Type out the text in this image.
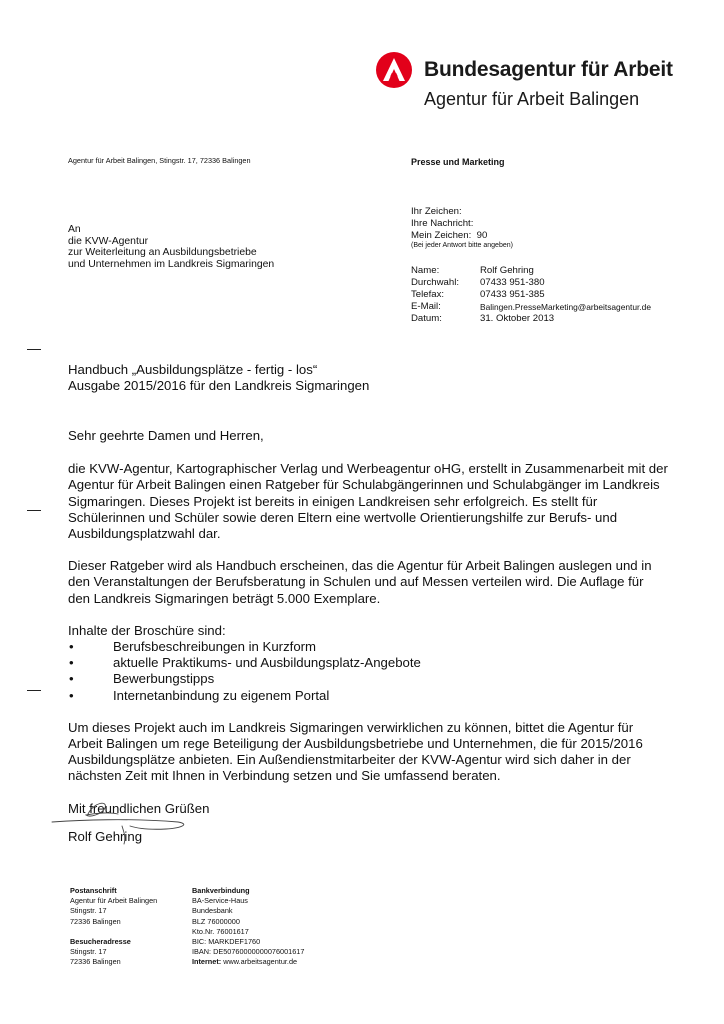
Bundesagentur für Arbeit
Agentur für Arbeit Balingen
Agentur für Arbeit Balingen, Stingstr. 17, 72336 Balingen	Presse und Marketing
Ihr Zeichen:
Ihre Nachricht:
Mein Zeichen: 90
(Bei jeder Antwort bitte angeben)
Name:	Rolf Gehring
Durchwahl:	07433 951-380
Telefax:	07433 951-385
E-Mail:	Balingen.PresseMarketing@arbeitsagentur.de
Datum:	31. Oktober 2013
An
die KVW-Agentur
zur Weiterleitung an Ausbildungsbetriebe
und Unternehmen im Landkreis Sigmaringen
Handbuch „Ausbildungsplätze - fertig - los“
Ausgabe 2015/2016 für den Landkreis Sigmaringen

Sehr geehrte Damen und Herren,

die KVW-Agentur, Kartographischer Verlag und Werbeagentur oHG, erstellt in Zusammenarbeit mit der Agentur für Arbeit Balingen einen Ratgeber für Schulabgängerinnen und Schulabgänger im Landkreis Sigmaringen. Dieses Projekt ist bereits in einigen Landkreisen sehr erfolgreich. Es stellt für Schülerinnen und Schüler sowie deren Eltern eine wertvolle Orientierungshilfe zur Berufs- und Ausbildungsplatzwahl dar.

Dieser Ratgeber wird als Handbuch erscheinen, das die Agentur für Arbeit Balingen auslegen und in den Veranstaltungen der Berufsberatung in Schulen und auf Messen verteilen wird. Die Auflage für den Landkreis Sigmaringen beträgt 5.000 Exemplare.

Inhalte der Broschüre sind:
•	Berufsbeschreibungen in Kurzform
•	aktuelle Praktikums- und Ausbildungsplatz-Angebote
•	Bewerbungstipps
•	Internetanbindung zu eigenem Portal

Um dieses Projekt auch im Landkreis Sigmaringen verwirklichen zu können, bittet die Agentur für Arbeit Balingen um rege Beteiligung der Ausbildungsbetriebe und Unternehmen, die für 2015/2016 Ausbildungsplätze anbieten. Ein Außendienstmitarbeiter der KVW-Agentur wird sich daher in der nächsten Zeit mit Ihnen in Verbindung setzen und Sie umfassend beraten.

Mit freundlichen Grüßen
Rolf Gehring
Postanschrift
Agentur für Arbeit Balingen
Stingstr. 17
72336 Balingen
Besucheradresse
Stingstr. 17
72336 Balingen
Bankverbindung
BA-Service-Haus
Bundesbank
BLZ 76000000
Kto.Nr. 76001617
BIC: MARKDEF1760
IBAN: DE50760000000076001617
Internet: www.arbeitsagentur.de
